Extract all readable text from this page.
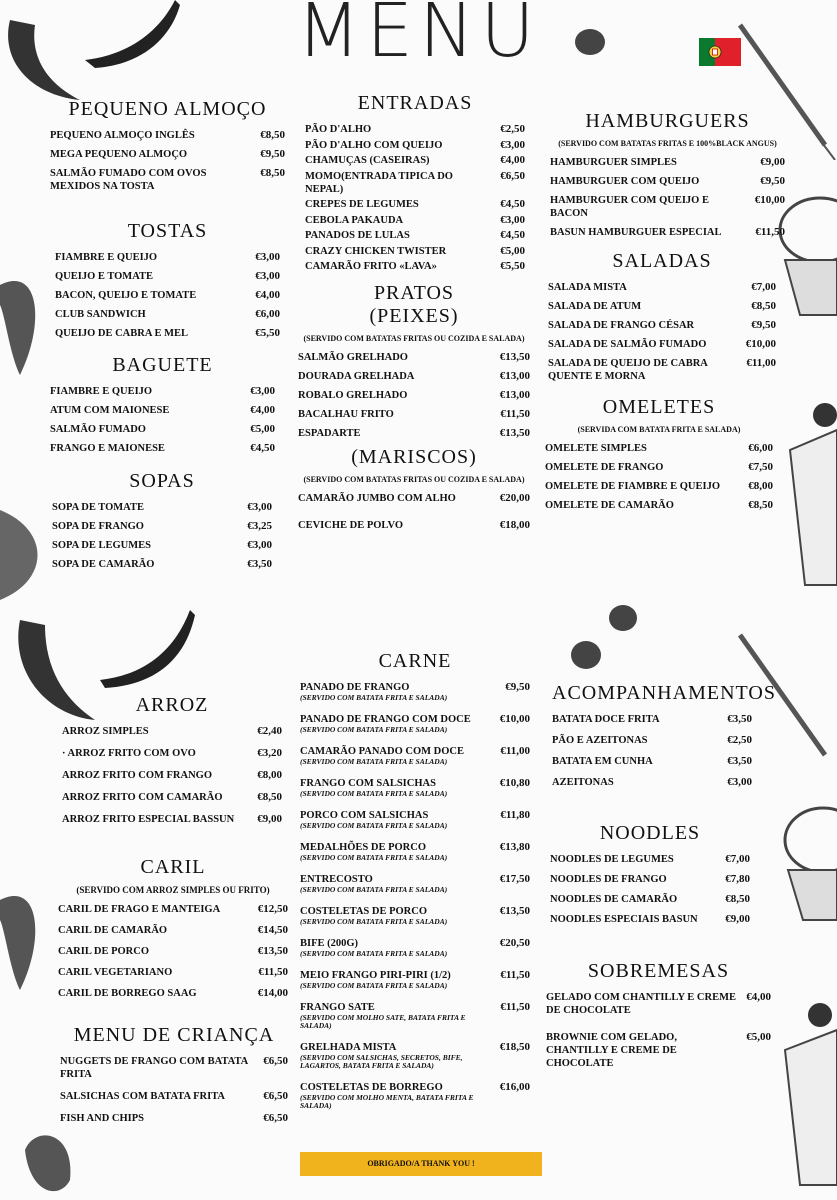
MENU
PEQUENO ALMOÇO
PEQUENO ALMOÇO INGLÊS	€8,50
MEGA PEQUENO ALMOÇO	€9,50
SALMÃO FUMADO COM OVOS MEXIDOS NA TOSTA
€8,50
TOSTAS
FIAMBRE E QUEIJO	€3,00
QUEIJO E TOMATE	€3,00
BACON, QUEIJO E TOMATE	€4,00
CLUB SANDWICH	€6,00
QUEIJO DE CABRA E MEL	€5,50
BAGUETE
FIAMBRE E QUEIJO	€3,00
ATUM COM MAIONESE	€4,00
SALMÃO FUMADO	€5,00
FRANGO E MAIONESE	€4,50
SOPAS
SOPA DE TOMATE	€3,00
SOPA DE FRANGO	€3,25
SOPA DE LEGUMES	€3,00
SOPA DE CAMARÃO	€3,50
ENTRADAS
PÃO D'ALHO	€2,50
PÃO D'ALHO COM QUEIJO	€3,00
CHAMUÇAS (CASEIRAS)	€4,00
MOMO(ENTRADA TIPICA DO NEPAL)
€6,50
CREPES DE LEGUMES	€4,50
CEBOLA PAKAUDA	€3,00
PANADOS DE LULAS	€4,50
CRAZY CHICKEN TWISTER	€5,00
CAMARÃO FRITO «LAVA»	€5,50
PRATOS
(PEIXES)
(SERVIDO COM BATATAS FRITAS OU COZIDA E SALADA)
SALMÃO GRELHADO	€13,50
DOURADA GRELHADA	€13,00
ROBALO GRELHADO	€13,00
BACALHAU FRITO	€11,50
ESPADARTE	€13,50
(MARISCOS)
(SERVIDO COM BATATAS FRITAS OU COZIDA E SALADA)
CAMARÃO JUMBO COM ALHO	€20,00
CEVICHE DE POLVO	€18,00
HAMBURGUERS
(SERVIDO COM BATATAS FRITAS E 100%BLACK ANGUS)
HAMBURGUER SIMPLES	€9,00
HAMBURGUER COM QUEIJO	€9,50
HAMBURGUER COM QUEIJO E BACON
€10,00
BASUN HAMBURGUER ESPECIAL	€11,50
SALADAS
SALADA MISTA	€7,00
SALADA DE ATUM	€8,50
SALADA DE FRANGO CÉSAR	€9,50
SALADA DE SALMÃO FUMADO	€10,00
SALADA DE QUEIJO DE CABRA QUENTE E MORNA
€11,00
OMELETES
(SERVIDA COM BATATA FRITA E SALADA)
OMELETE SIMPLES	€6,00
OMELETE DE FRANGO	€7,50
OMELETE DE FIAMBRE E QUEIJO	€8,00
OMELETE DE CAMARÃO	€8,50
ARROZ
ARROZ SIMPLES	€2,40
· ARROZ FRITO COM OVO	€3,20
ARROZ FRITO COM FRANGO	€8,00
ARROZ FRITO COM CAMARÃO	€8,50
ARROZ FRITO ESPECIAL BASSUN	€9,00
CARIL
(SERVIDO COM ARROZ SIMPLES OU FRITO)
CARIL DE FRAGO E MANTEIGA	€12,50
CARIL DE CAMARÃO	€14,50
CARIL DE PORCO	€13,50
CARIL VEGETARIANO	€11,50
CARIL DE BORREGO SAAG	€14,00
MENU DE CRIANÇA
NUGGETS DE FRANGO COM BATATA FRITA
€6,50
SALSICHAS COM BATATA FRITA	€6,50
FISH AND CHIPS	€6,50
CARNE
PANADO DE FRANGO
(SERVIDO COM BATATA FRITA E SALADA)
€9,50
PANADO DE FRANGO COM DOCE
(SERVIDO COM BATATA FRITA E SALADA)
€10,00
CAMARÃO PANADO COM DOCE
(SERVIDO COM BATATA FRITA E SALADA)
€11,00
FRANGO COM SALSICHAS
(SERVIDO COM BATATA FRITA E SALADA)
€10,80
PORCO COM SALSICHAS
(SERVIDO COM BATATA FRITA E SALADA)
€11,80
MEDALHÕES DE PORCO
(SERVIDO COM BATATA FRITA E SALADA)
€13,80
ENTRECOSTO
(SERVIDO COM BATATA FRITA E SALADA)
€17,50
COSTELETAS DE PORCO
(SERVIDO COM BATATA FRITA E SALADA)
€13,50
BIFE (200G)
(SERVIDO COM BATATA FRITA E SALADA)
€20,50
MEIO FRANGO PIRI-PIRI (1/2)
(SERVIDO COM BATATA FRITA E SALADA)
€11,50
FRANGO SATE
(SERVIDO COM MOLHO SATE, BATATA FRITA E SALADA)
€11,50
GRELHADA MISTA
(SERVIDO COM SALSICHAS, SECRETOS, BIFE, LAGARTOS, BATATA FRITA E SALADA)
€18,50
COSTELETAS DE BORREGO
(SERVIDO COM MOLHO MENTA, BATATA FRITA E SALADA)
€16,00
ACOMPANHAMENTOS
BATATA DOCE FRITA	€3,50
PÃO E AZEITONAS	€2,50
BATATA EM CUNHA	€3,50
AZEITONAS	€3,00
NOODLES
NOODLES DE LEGUMES	€7,00
NOODLES DE FRANGO	€7,80
NOODLES DE CAMARÃO	€8,50
NOODLES ESPECIAIS BASUN	€9,00
SOBREMESAS
GELADO COM CHANTILLY E CREME DE CHOCOLATE
€4,00
BROWNIE COM GELADO, CHANTILLY E CREME DE CHOCOLATE
€5,00
OBRIGADO/A THANK YOU !
